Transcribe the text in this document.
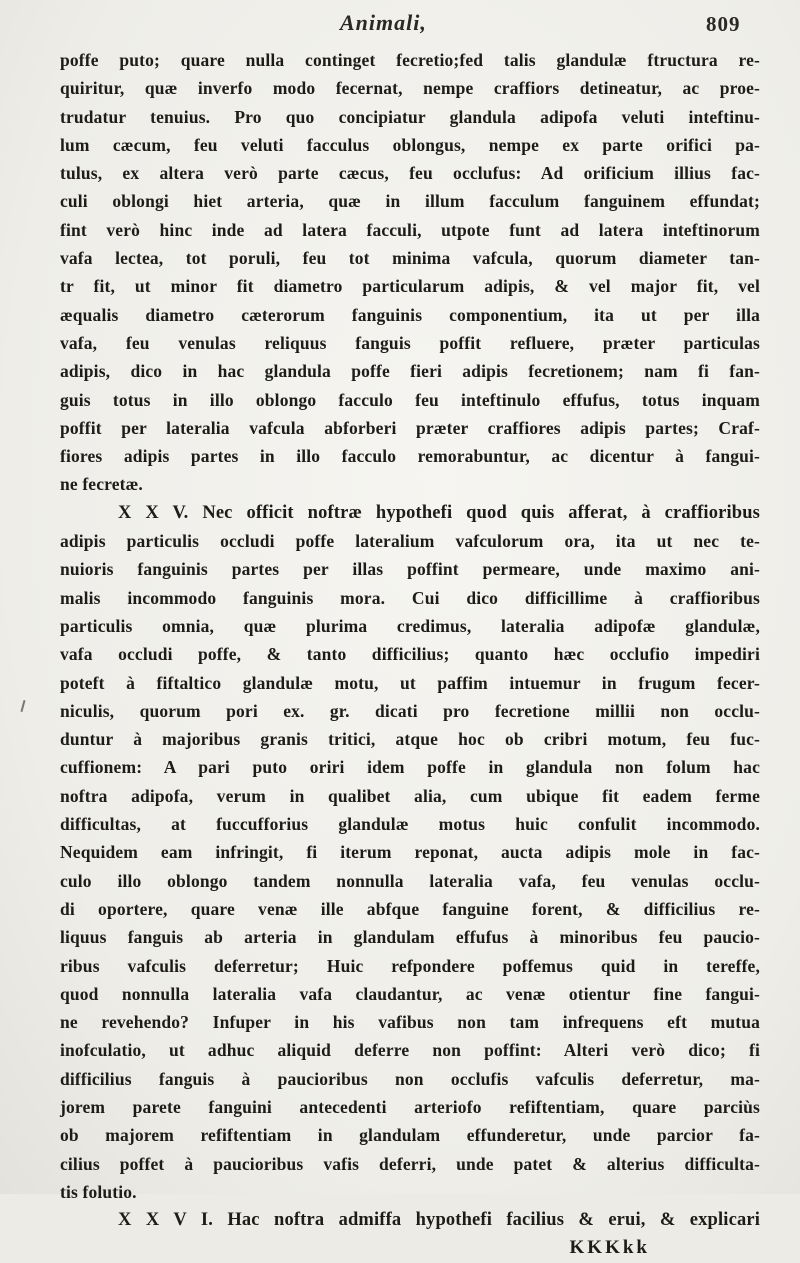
Animali,	809
poffe puto; quare nulla continget fecretio;fed talis glandulæ ftructura re-
quiritur, quæ inverfo modo fecernat, nempe craffiors detineatur, ac proe-
trudatur tenuius. Pro quo concipiatur glandula adipofa veluti inteftinu-
lum cæcum, feu veluti facculus oblongus, nempe ex parte orifici pa-
tulus, ex altera verò parte cæcus, feu occlufus: Ad orificium illius fac-
culi oblongi hiet arteria, quæ in illum facculum fanguinem effundat;
fint verò hinc inde ad latera facculi, utpote funt ad latera inteftinorum
vafa lectea, tot poruli, feu tot minima vafcula, quorum diameter tan-
tr fit, ut minor fit diametro particularum adipis, & vel major fit, vel
æqualis diametro cæterorum fanguinis componentium, ita ut per illa
vafa, feu venulas reliquus fanguis poffit refluere, præter particulas
adipis, dico in hac glandula poffe fieri adipis fecretionem; nam fi fan-
guis totus in illo oblongo facculo feu inteftinulo effufus, totus inquam
poffit per lateralia vafcula abforberi præter craffiores adipis partes; Craf-
fiores adipis partes in illo facculo remorabuntur, ac dicentur à fangui-
ne fecretæ.
X X V. Nec officit noftræ hypothefi quod quis afferat, à craffioribus
adipis particulis occludi poffe lateralium vafculorum ora, ita ut nec te-
nuioris fanguinis partes per illas poffint permeare, unde maximo ani-
malis incommodo fanguinis mora. Cui dico difficillime à craffioribus
particulis omnia, quæ plurima credimus, lateralia adipofæ glandulæ,
vafa occludi poffe, & tanto difficilius; quanto hæc occlufio impediri
poteft à fiftaltico glandulæ motu, ut paffim intuemur in frugum fecer-
niculis, quorum pori ex. gr. dicati pro fecretione millii non occlu-
duntur à majoribus granis tritici, atque hoc ob cribri motum, feu fuc-
cuffionem: A pari puto oriri idem poffe in glandula non folum hac
noftra adipofa, verum in qualibet alia, cum ubique fit eadem ferme
difficultas, at fuccufforius glandulæ motus huic confulit incommodo.
Nequidem eam infringit, fi iterum reponat, aucta adipis mole in fac-
culo illo oblongo tandem nonnulla lateralia vafa, feu venulas occlu-
di oportere, quare venæ ille abfque fanguine forent, & difficilius re-
liquus fanguis ab arteria in glandulam effufus à minoribus feu paucio-
ribus vafculis deferretur; Huic refpondere poffemus quid in tereffe,
quod nonnulla lateralia vafa claudantur, ac venæ otientur fine fangui-
ne revehendo? Infuper in his vafibus non tam infrequens eft mutua
inofculatio, ut adhuc aliquid deferre non poffint: Alteri verò dico; fi
difficilius fanguis à paucioribus non occlufis vafculis deferretur, ma-
jorem parete fanguini antecedenti arteriofo refiftentiam, quare parciùs
ob majorem refiftentiam in glandulam effunderetur, unde parcior fa-
cilius poffet à paucioribus vafis deferri, unde patet & alterius difficulta-
tis folutio.
X X V I. Hac noftra admiffa hypothefi facilius & erui, & explicari
KKKkk
